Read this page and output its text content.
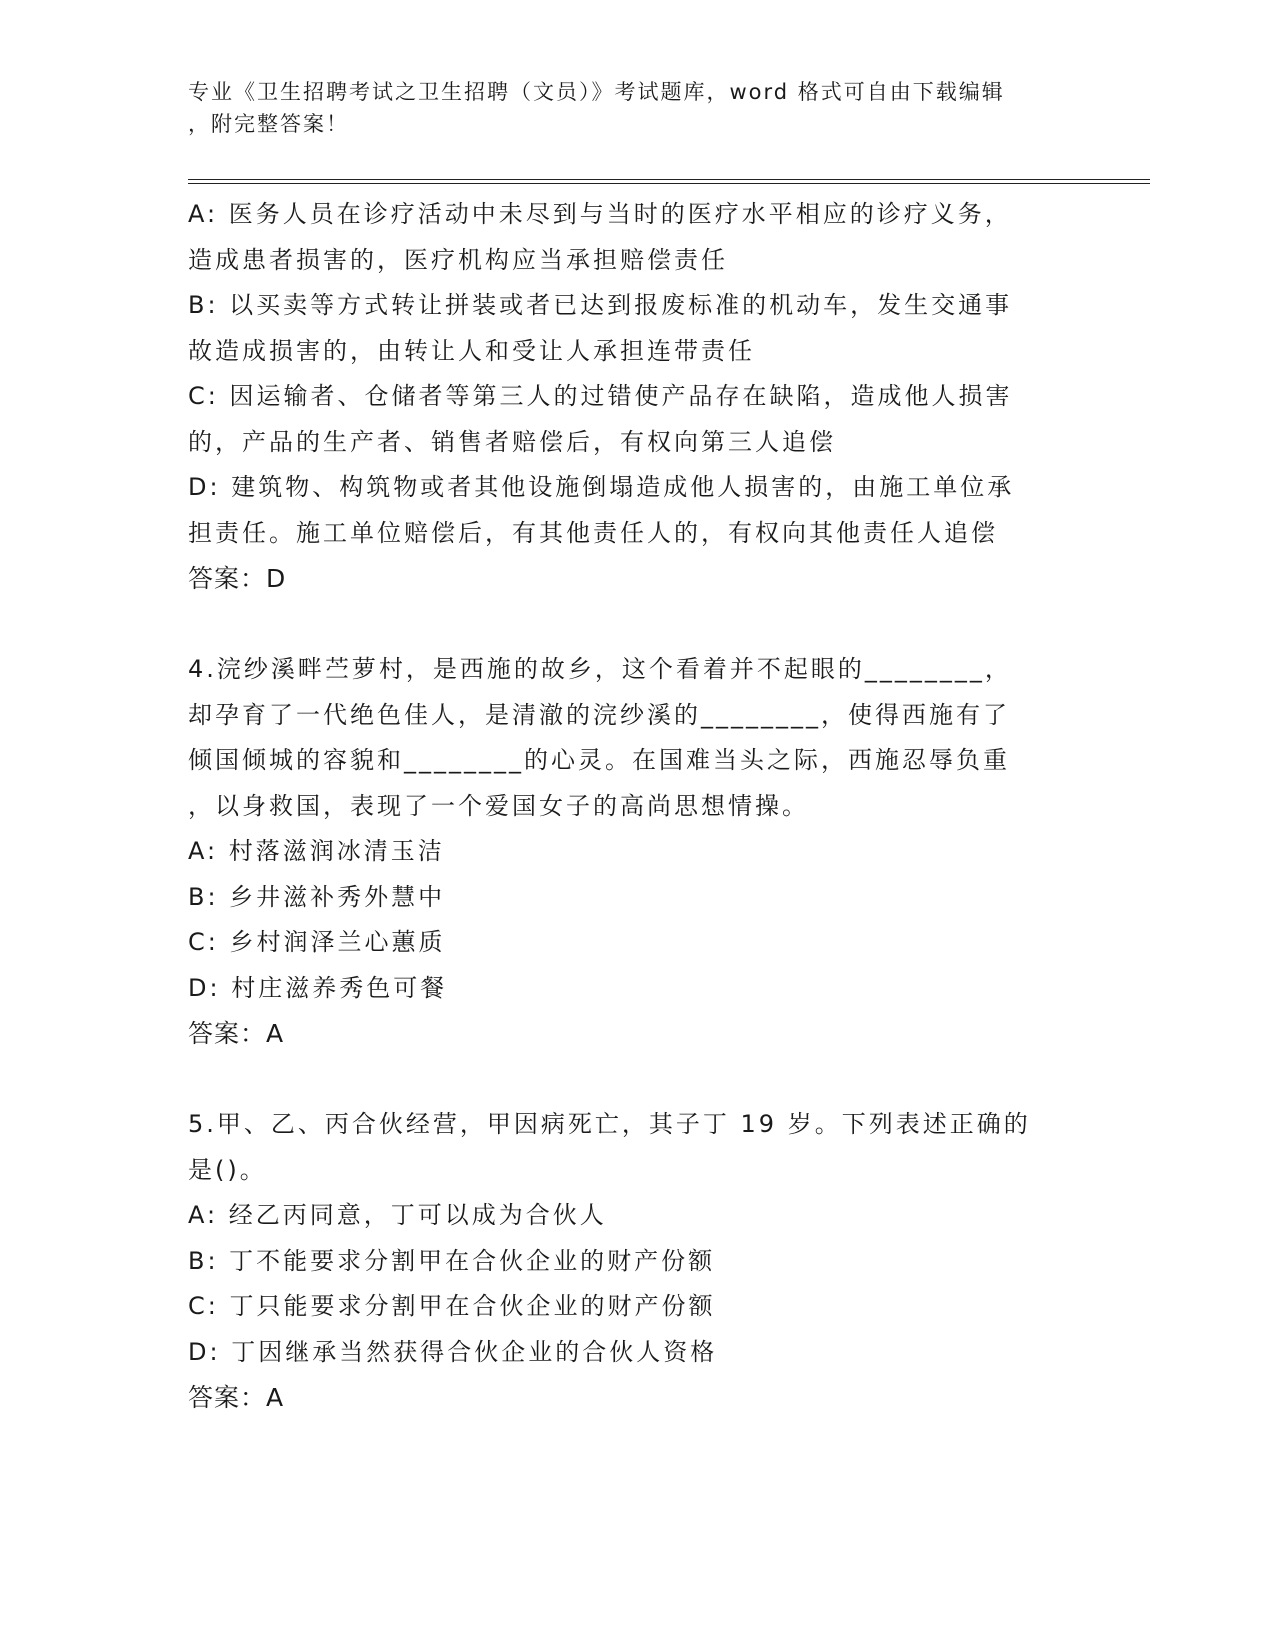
专业《卫生招聘考试之卫生招聘（文员）》考试题库，word 格式可自由下载编辑
，附完整答案！
A: 医务人员在诊疗活动中未尽到与当时的医疗水平相应的诊疗义务，
造成患者损害的，医疗机构应当承担赔偿责任
B: 以买卖等方式转让拼装或者已达到报废标准的机动车，发生交通事
故造成损害的，由转让人和受让人承担连带责任
C: 因运输者、仓储者等第三人的过错使产品存在缺陷，造成他人损害
的，产品的生产者、销售者赔偿后，有权向第三人追偿
D: 建筑物、构筑物或者其他设施倒塌造成他人损害的，由施工单位承
担责任。施工单位赔偿后，有其他责任人的，有权向其他责任人追偿
答案：D
4.浣纱溪畔苎萝村，是西施的故乡，这个看着并不起眼的________，
却孕育了一代绝色佳人，是清澈的浣纱溪的________，使得西施有了
倾国倾城的容貌和________的心灵。在国难当头之际，西施忍辱负重
，以身救国，表现了一个爱国女子的高尚思想情操。
A: 村落滋润冰清玉洁
B: 乡井滋补秀外慧中
C: 乡村润泽兰心蕙质
D: 村庄滋养秀色可餐
答案：A
5.甲、乙、丙合伙经营，甲因病死亡，其子丁 19 岁。下列表述正确的
是()。
A: 经乙丙同意，丁可以成为合伙人
B: 丁不能要求分割甲在合伙企业的财产份额
C: 丁只能要求分割甲在合伙企业的财产份额
D: 丁因继承当然获得合伙企业的合伙人资格
答案：A
